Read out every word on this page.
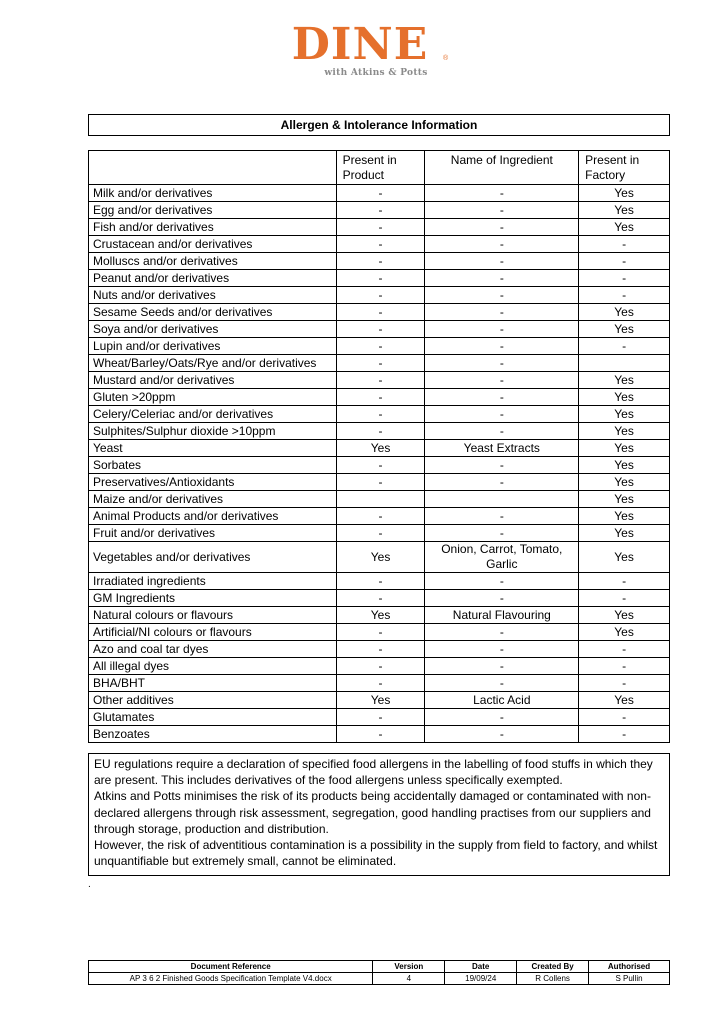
DINE	®
with Atkins & Potts
Allergen & Intolerance Information
	Present in Product	Name of Ingredient	Present in Factory
Milk and/or derivatives	-	-	Yes
Egg and/or derivatives	-	-	Yes
Fish and/or derivatives	-	-	Yes
Crustacean and/or derivatives	-	-	-
Molluscs and/or derivatives	-	-	-
Peanut and/or derivatives	-	-	-
Nuts and/or derivatives	-	-	-
Sesame Seeds and/or derivatives	-	-	Yes
Soya and/or derivatives	-	-	Yes
Lupin and/or derivatives	-	-	-
Wheat/Barley/Oats/Rye and/or derivatives	-	-	
Mustard and/or derivatives	-	-	Yes
Gluten >20ppm	-	-	Yes
Celery/Celeriac and/or derivatives	-	-	Yes
Sulphites/Sulphur dioxide >10ppm	-	-	Yes
Yeast	Yes	Yeast Extracts	Yes
Sorbates	-	-	Yes
Preservatives/Antioxidants	-	-	Yes
Maize and/or derivatives			Yes
Animal Products and/or derivatives	-	-	Yes
Fruit and/or derivatives	-	-	Yes
Vegetables and/or derivatives	Yes	Onion, Carrot, Tomato, Garlic	Yes
Irradiated ingredients	-	-	-
GM Ingredients	-	-	-
Natural colours or flavours	Yes	Natural Flavouring	Yes
Artificial/NI colours or flavours	-	-	Yes
Azo and coal tar dyes	-	-	-
All illegal dyes	-	-	-
BHA/BHT	-	-	-
Other additives	Yes	Lactic Acid	Yes
Glutamates	-	-	-
Benzoates	-	-	-

EU regulations require a declaration of specified food allergens in the labelling of food stuffs in which they are present. This includes derivatives of the food allergens unless specifically exempted.

Atkins and Potts minimises the risk of its products being accidentally damaged or contaminated with non-declared allergens through risk assessment, segregation, good handling practises from our suppliers and through storage, production and distribution.

However, the risk of adventitious contamination is a possibility in the supply from field to factory, and whilst unquantifiable but extremely small, cannot be eliminated.

.
Document Reference	Version	Date	Created By	Authorised
AP 3 6 2 Finished Goods Specification Template V4.docx	4	19/09/24	R Collens	S Pullin
